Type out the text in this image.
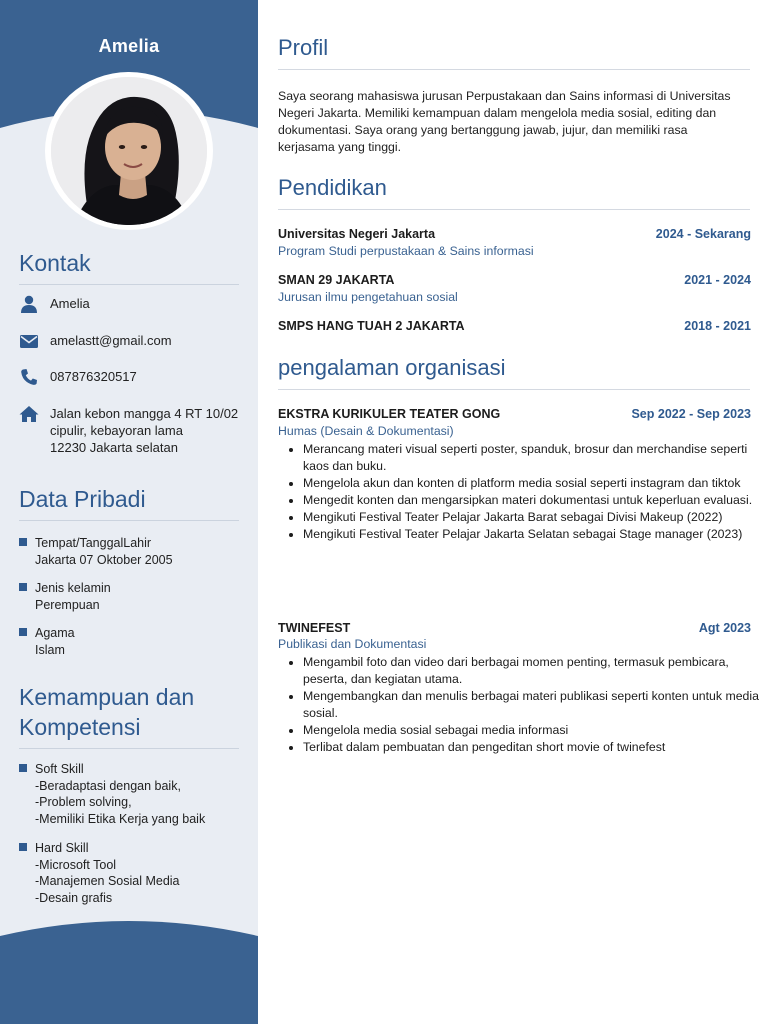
Amelia
Kontak
Amelia
amelastt@gmail.com
087876320517
Jalan kebon mangga 4 RT 10/02
cipulir, kebayoran lama
12230 Jakarta selatan
Data Pribadi
Tempat/TanggalLahir
Jakarta 07 Oktober 2005
Jenis kelamin
Perempuan
Agama
Islam
Kemampuan dan
Kompetensi
Soft Skill
-Beradaptasi dengan baik,
-Problem solving,
-Memiliki Etika Kerja yang baik
Hard Skill
-Microsoft Tool
-Manajemen Sosial Media
-Desain grafis
Profil
Saya seorang mahasiswa jurusan Perpustakaan dan Sains informasi di Universitas Negeri Jakarta. Memiliki kemampuan dalam mengelola media sosial, editing dan dokumentasi. Saya orang yang bertanggung jawab, jujur, dan memiliki rasa kerjasama yang tinggi.
Pendidikan
Universitas Negeri Jakarta	2024 - Sekarang
Program Studi perpustakaan & Sains informasi
SMAN 29 JAKARTA	2021 - 2024
Jurusan ilmu pengetahuan sosial
SMPS HANG TUAH 2 JAKARTA	2018 - 2021
pengalaman organisasi
EKSTRA KURIKULER TEATER GONG	Sep 2022 - Sep 2023
Humas (Desain & Dokumentasi)
• Merancang materi visual seperti poster, spanduk, brosur dan merchandise seperti kaos dan buku.
• Mengelola akun dan konten di platform media sosial seperti instagram dan tiktok
• Mengedit konten dan mengarsipkan materi dokumentasi untuk keperluan evaluasi.
• Mengikuti Festival Teater Pelajar Jakarta Barat sebagai Divisi Makeup (2022)
• Mengikuti Festival Teater Pelajar Jakarta Selatan sebagai Stage manager (2023)
TWINEFEST	Agt 2023
Publikasi dan Dokumentasi
• Mengambil foto dan video dari berbagai momen penting, termasuk pembicara, peserta, dan kegiatan utama.
• Mengembangkan dan menulis berbagai materi publikasi seperti konten untuk media sosial.
• Mengelola media sosial sebagai media informasi
• Terlibat dalam pembuatan dan pengeditan short movie of twinefest
